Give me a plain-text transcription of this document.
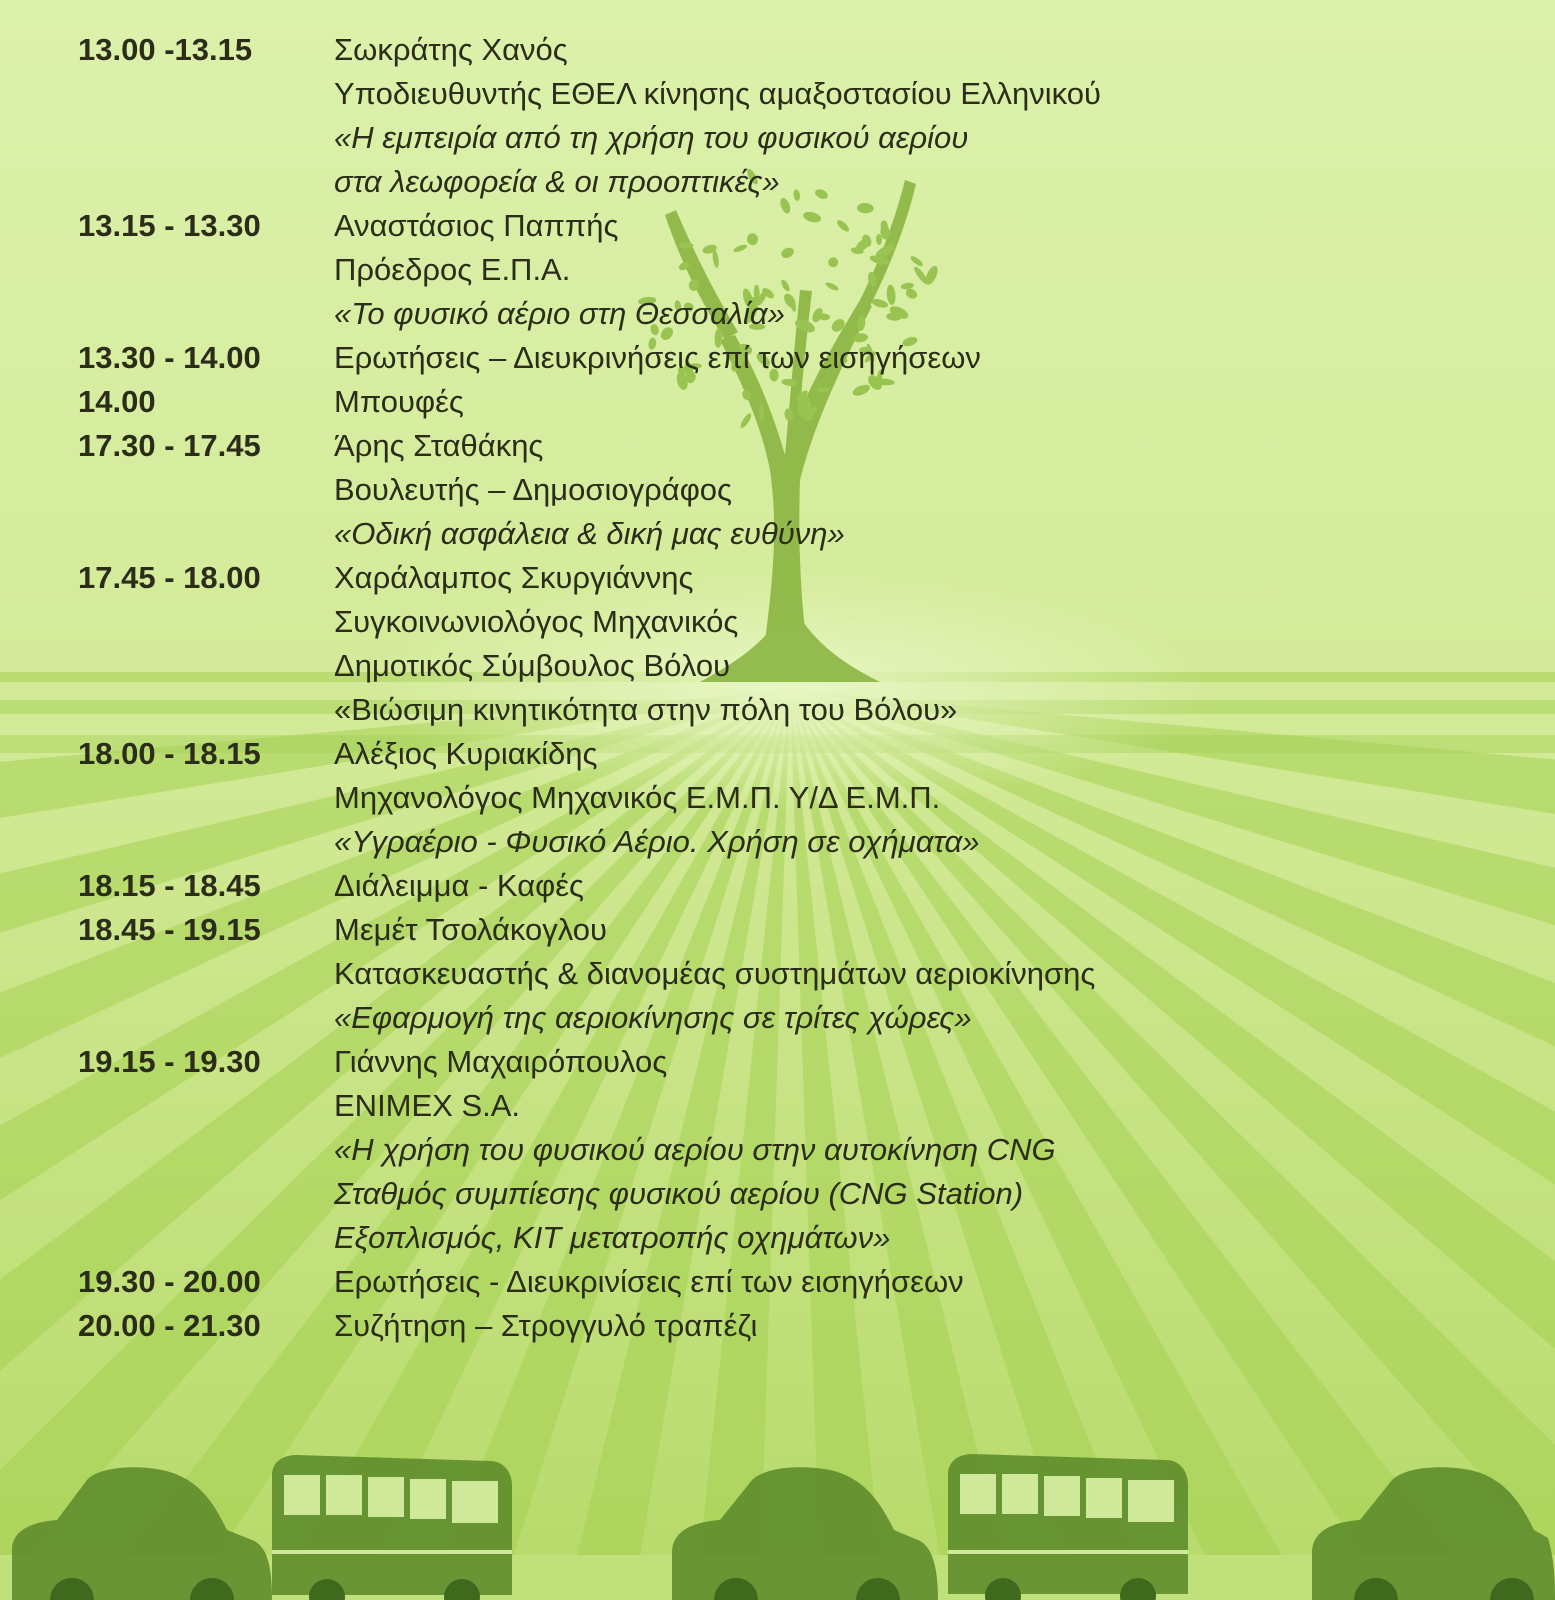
13.00 -13.15	Σωκράτης Χανός
Υποδιευθυντής ΕΘΕΛ κίνησης αμαξοστασίου Ελληνικού
«Η εμπειρία από τη χρήση του φυσικού αερίου
στα λεωφορεία & οι προοπτικές»
13.15 - 13.30	Αναστάσιος Παππής
Πρόεδρος Ε.Π.Α.
«Το φυσικό αέριο στη Θεσσαλία»
13.30 - 14.00	Ερωτήσεις – Διευκρινήσεις επί των εισηγήσεων
14.00	Μπουφές
17.30 - 17.45	Άρης Σταθάκης
Βουλευτής – Δημοσιογράφος
«Οδική ασφάλεια & δική μας ευθύνη»
17.45 - 18.00	Χαράλαμπος Σκυργιάννης
Συγκοινωνιολόγος Μηχανικός
Δημοτικός Σύμβουλος Βόλου
«Βιώσιμη κινητικότητα στην πόλη του Βόλου»
18.00 - 18.15	Αλέξιος Κυριακίδης
Μηχανολόγος Μηχανικός Ε.Μ.Π. Υ/Δ Ε.Μ.Π.
«Υγραέριο - Φυσικό Αέριο. Χρήση σε οχήματα»
18.15 - 18.45	Διάλειμμα - Καφές
18.45 - 19.15	Μεμέτ Τσολάκογλου
Κατασκευαστής & διανομέας συστημάτων αεριοκίνησης
«Εφαρμογή της αεριοκίνησης σε τρίτες χώρες»
19.15 - 19.30	Γιάννης Μαχαιρόπουλος
ENIMEX S.A.
«Η χρήση του φυσικού αερίου στην αυτοκίνηση CNG
Σταθμός συμπίεσης φυσικού αερίου (CNG Station)
Εξοπλισμός, KIT μετατροπής οχημάτων»
19.30 - 20.00	Ερωτήσεις - Διευκρινίσεις επί των εισηγήσεων
20.00 - 21.30	Συζήτηση – Στρογγυλό τραπέζι
